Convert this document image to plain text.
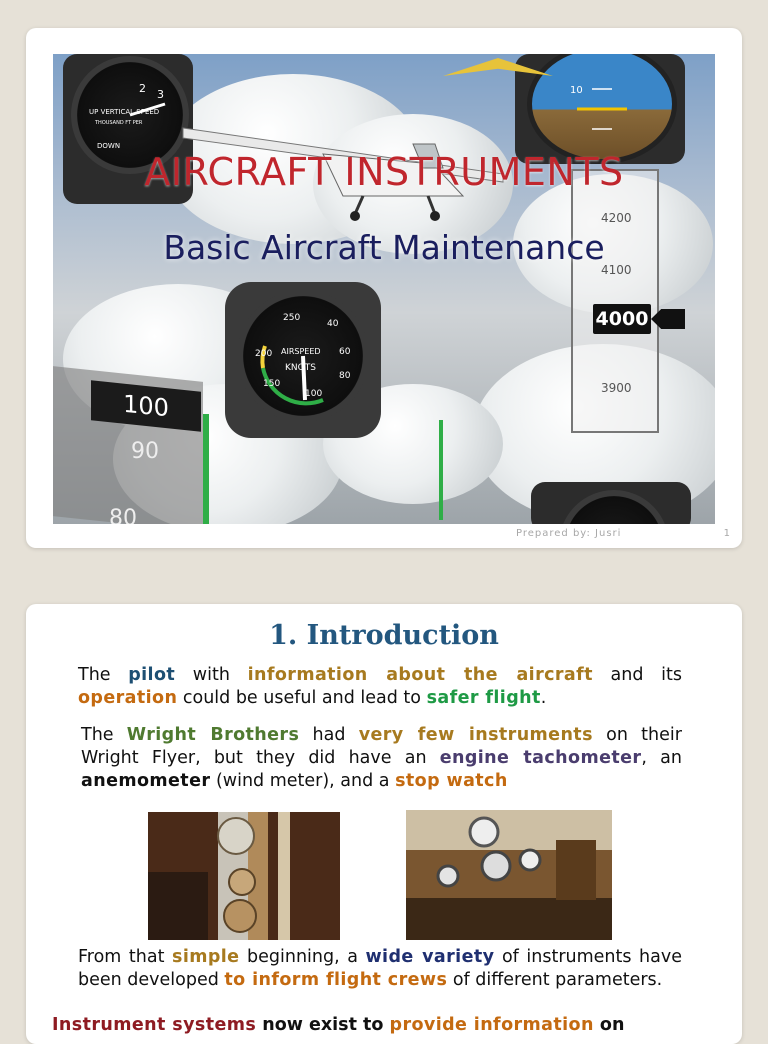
UP VERTICAL SPEED
THOUSAND FT PER
DOWN
2 3	10
4200
4100
3900
4000
AIRSPEED
KNOTS
250
40
200	60
80
150
100
100
90
80
AIRCRAFT INSTRUMENTS
Basic Aircraft Maintenance
Prepared by: Jusri	1
1. Introduction
The pilot with information about the aircraft and its operation could be useful and lead to safer flight.
The Wright Brothers had very few instruments on their Wright Flyer, but they did have an engine tachometer, an anemometer (wind meter), and a stop watch
From that simple beginning, a wide variety of instruments have been developed to inform flight crews of different parameters.
Instrument systems now exist to provide information on
